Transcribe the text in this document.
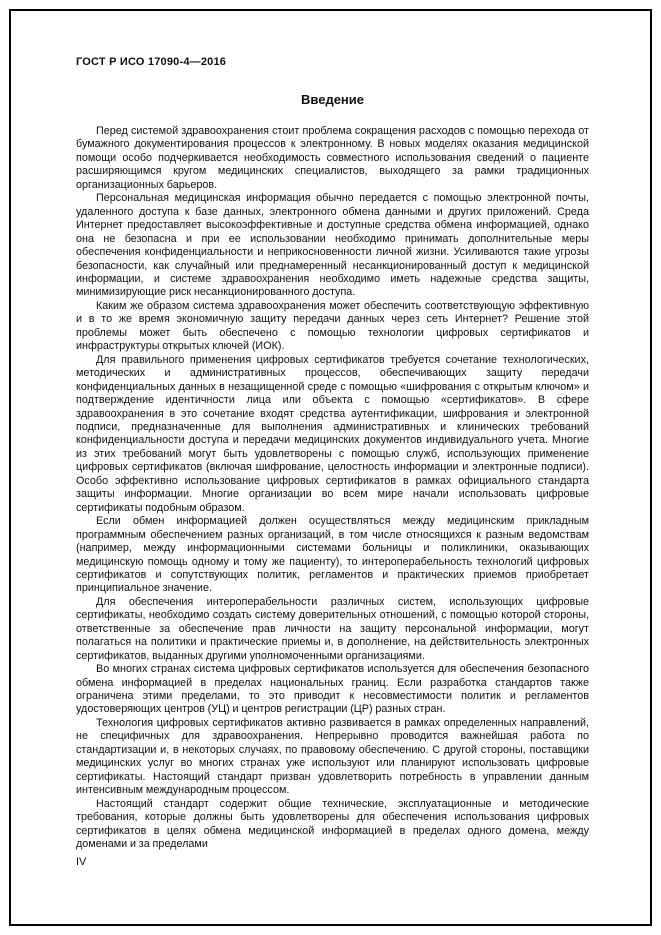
ГОСТ Р ИСО 17090-4—2016
Введение

Перед системой здравоохранения стоит проблема сокращения расходов с помощью перехода от бумажного документирования процессов к электронному. В новых моделях оказания медицинской помощи особо подчеркивается необходимость совместного использования сведений о пациенте расширяющимся кругом медицинских специалистов, выходящего за рамки традиционных организационных барьеров.

Персональная медицинская информация обычно передается с помощью электронной почты, удаленного доступа к базе данных, электронного обмена данными и других приложений. Среда Интернет предоставляет высокоэффективные и доступные средства обмена информацией, однако она не безопасна и при ее использовании необходимо принимать дополнительные меры обеспечения конфиденциальности и неприкосновенности личной жизни. Усиливаются такие угрозы безопасности, как случайный или преднамеренный несанкционированный доступ к медицинской информации, и системе здравоохранения необходимо иметь надежные средства защиты, минимизирующие риск несанкционированного доступа.

Каким же образом система здравоохранения может обеспечить соответствующую эффективную и в то же время экономичную защиту передачи данных через сеть Интернет? Решение этой проблемы может быть обеспечено с помощью технологии цифровых сертификатов и инфраструктуры открытых ключей (ИОК).

Для правильного применения цифровых сертификатов требуется сочетание технологических, методических и административных процессов, обеспечивающих защиту передачи конфиденциальных данных в незащищенной среде с помощью «шифрования с открытым ключом» и подтверждение идентичности лица или объекта с помощью «сертификатов». В сфере здравоохранения в это сочетание входят средства аутентификации, шифрования и электронной подписи, предназначенные для выполнения административных и клинических требований конфиденциальности доступа и передачи медицинских документов индивидуального учета. Многие из этих требований могут быть удовлетворены с помощью служб, использующих применение цифровых сертификатов (включая шифрование, целостность информации и электронные подписи). Особо эффективно использование цифровых сертификатов в рамках официального стандарта защиты информации. Многие организации во всем мире начали использовать цифровые сертификаты подобным образом.

Если обмен информацией должен осуществляться между медицинским прикладным программным обеспечением разных организаций, в том числе относящихся к разным ведомствам (например, между информационными системами больницы и поликлиники, оказывающих медицинскую помощь одному и тому же пациенту), то интероперабельность технологий цифровых сертификатов и сопутствующих политик, регламентов и практических приемов приобретает принципиальное значение.

Для обеспечения интероперабельности различных систем, использующих цифровые сертификаты, необходимо создать систему доверительных отношений, с помощью которой стороны, ответственные за обеспечение прав личности на защиту персональной информации, могут полагаться на политики и практические приемы и, в дополнение, на действительность электронных сертификатов, выданных другими уполномоченными организациями.

Во многих странах система цифровых сертификатов используется для обеспечения безопасного обмена информацией в пределах национальных границ. Если разработка стандартов также ограничена этими пределами, то это приводит к несовместимости политик и регламентов удостоверяющих центров (УЦ) и центров регистрации (ЦР) разных стран.

Технология цифровых сертификатов активно развивается в рамках определенных направлений, не специфичных для здравоохранения. Непрерывно проводится важнейшая работа по стандартизации и, в некоторых случаях, по правовому обеспечению. С другой стороны, поставщики медицинских услуг во многих странах уже используют или планируют использовать цифровые сертификаты. Настоящий стандарт призван удовлетворить потребность в управлении данным интенсивным международным процессом.

Настоящий стандарт содержит общие технические, эксплуатационные и методические требования, которые должны быть удовлетворены для обеспечения использования цифровых сертификатов в целях обмена медицинской информацией в пределах одного домена, между доменами и за пределами

IV
